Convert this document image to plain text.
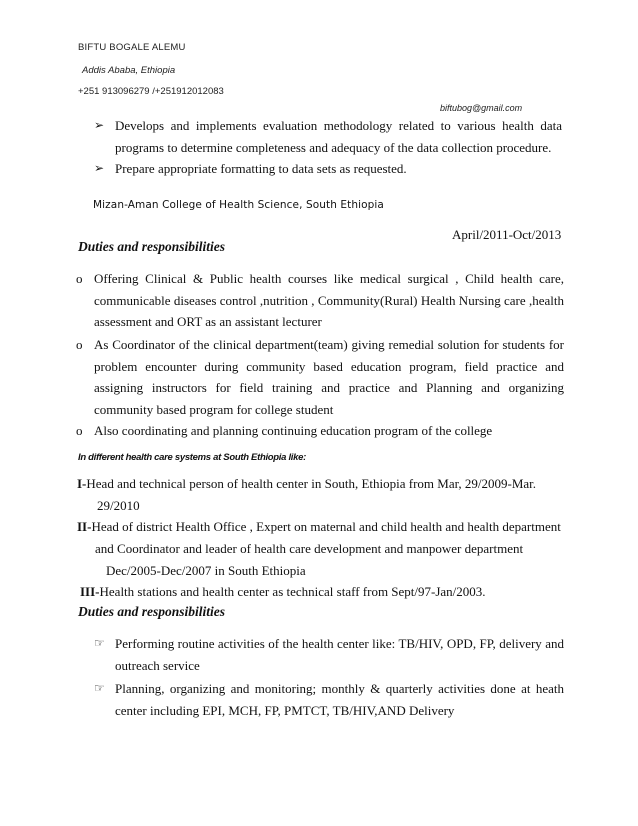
BIFTU BOGALE ALEMU
Addis Ababa, Ethiopia
+251 913096279 /+251912012083
biftubog@gmail.com
➢ Develops and implements evaluation methodology related to various health data programs to determine completeness and adequacy of the data collection procedure.
➢ Prepare appropriate formatting to data sets as requested.
Mizan-Aman College of Health Science, South Ethiopia
April/2011-Oct/2013
Duties and responsibilities
o Offering Clinical & Public health courses like medical surgical , Child health care, communicable diseases control ,nutrition , Community(Rural) Health Nursing care ,health assessment and ORT as an assistant lecturer
o As Coordinator of the clinical department(team) giving remedial solution for students for problem encounter during community based education program, field practice and assigning instructors for field training and practice and Planning and organizing community based program for college student
o Also coordinating and planning continuing education program of the college
In different health care systems at South Ethiopia like:
I-Head and technical person of health center in South, Ethiopia from Mar, 29/2009-Mar.
29/2010
II-Head of district Health Office , Expert on maternal and child health and health department
and Coordinator and leader of health care development and manpower department
Dec/2005-Dec/2007 in South Ethiopia
III-Health stations and health center as technical staff from Sept/97-Jan/2003.
Duties and responsibilities
☞ Performing routine activities of the health center like: TB/HIV, OPD, FP, delivery and outreach service
☞ Planning, organizing and monitoring; monthly & quarterly activities done at heath center including EPI, MCH, FP, PMTCT, TB/HIV,AND Delivery
